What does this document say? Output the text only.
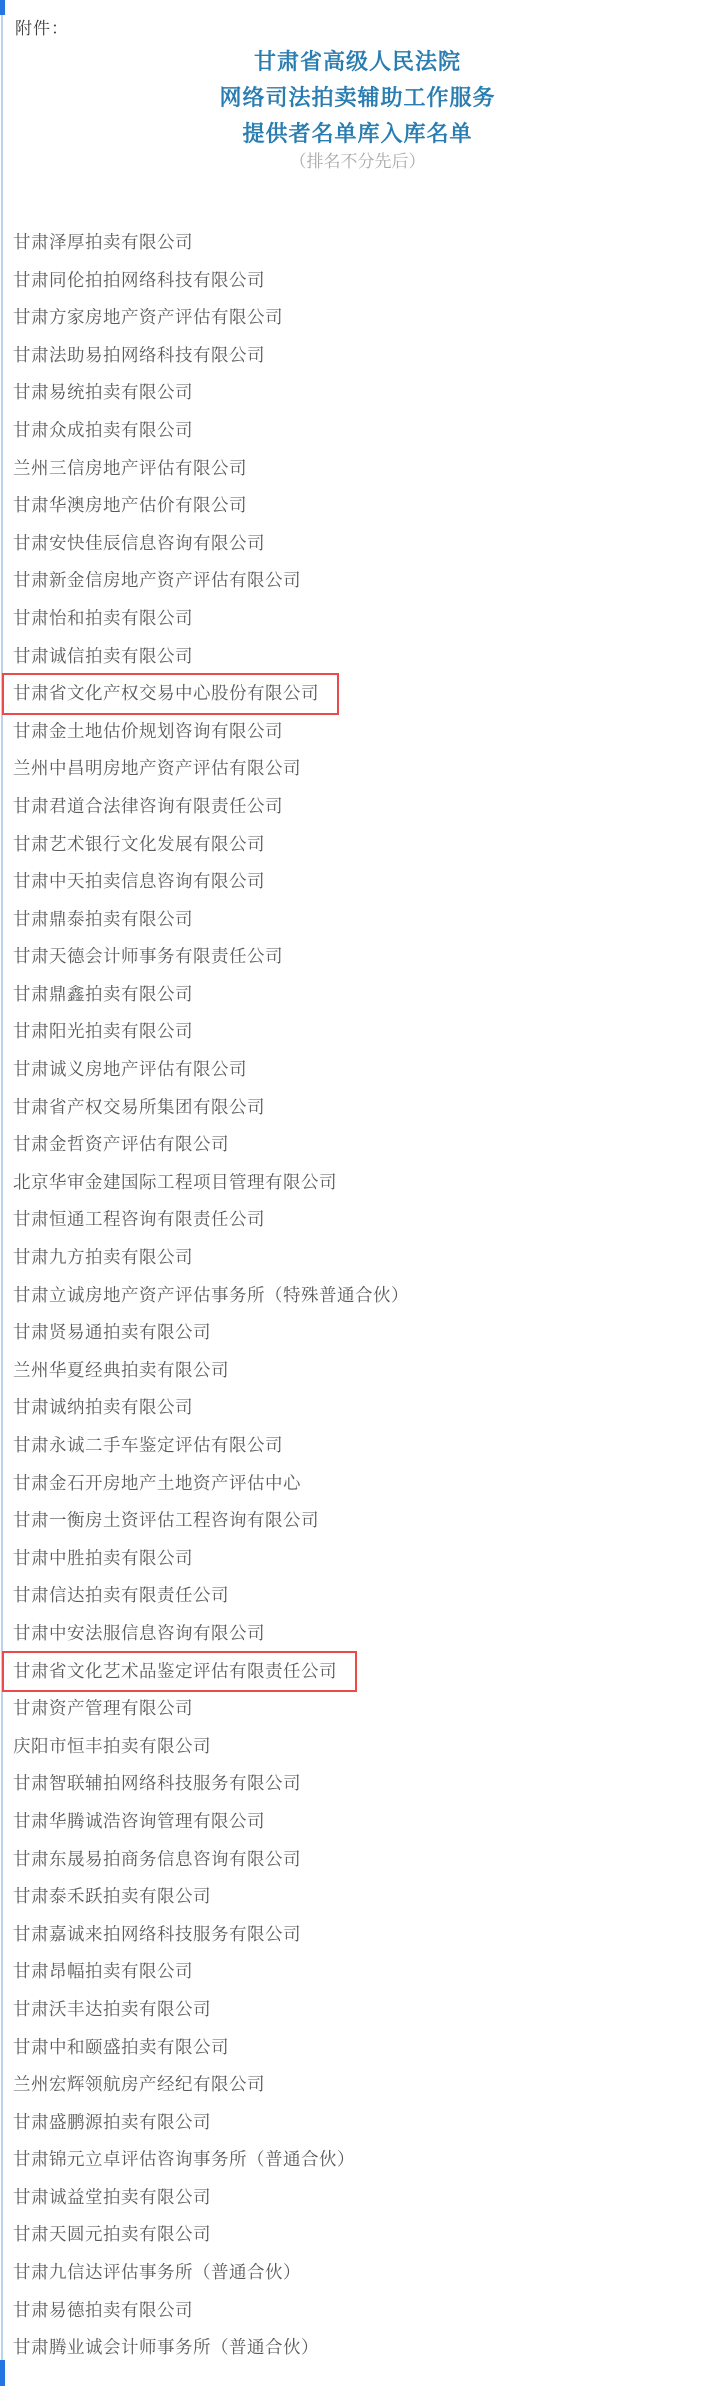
附件：
甘肃省高级人民法院
网络司法拍卖辅助工作服务
提供者名单库入库名单
（排名不分先后）
甘肃泽厚拍卖有限公司
甘肃同伦拍拍网络科技有限公司
甘肃方家房地产资产评估有限公司
甘肃法助易拍网络科技有限公司
甘肃易统拍卖有限公司
甘肃众成拍卖有限公司
兰州三信房地产评估有限公司
甘肃华澳房地产估价有限公司
甘肃安快佳辰信息咨询有限公司
甘肃新金信房地产资产评估有限公司
甘肃怡和拍卖有限公司
甘肃诚信拍卖有限公司
甘肃省文化产权交易中心股份有限公司
甘肃金土地估价规划咨询有限公司
兰州中昌明房地产资产评估有限公司
甘肃君道合法律咨询有限责任公司
甘肃艺术银行文化发展有限公司
甘肃中天拍卖信息咨询有限公司
甘肃鼎泰拍卖有限公司
甘肃天德会计师事务有限责任公司
甘肃鼎鑫拍卖有限公司
甘肃阳光拍卖有限公司
甘肃诚义房地产评估有限公司
甘肃省产权交易所集团有限公司
甘肃金哲资产评估有限公司
北京华审金建国际工程项目管理有限公司
甘肃恒通工程咨询有限责任公司
甘肃九方拍卖有限公司
甘肃立诚房地产资产评估事务所（特殊普通合伙）
甘肃贤易通拍卖有限公司
兰州华夏经典拍卖有限公司
甘肃诚纳拍卖有限公司
甘肃永诚二手车鉴定评估有限公司
甘肃金石开房地产土地资产评估中心
甘肃一衡房土资评估工程咨询有限公司
甘肃中胜拍卖有限公司
甘肃信达拍卖有限责任公司
甘肃中安法服信息咨询有限公司
甘肃省文化艺术品鉴定评估有限责任公司
甘肃资产管理有限公司
庆阳市恒丰拍卖有限公司
甘肃智联辅拍网络科技服务有限公司
甘肃华腾诚浩咨询管理有限公司
甘肃东晟易拍商务信息咨询有限公司
甘肃泰禾跃拍卖有限公司
甘肃嘉诚来拍网络科技服务有限公司
甘肃昂幅拍卖有限公司
甘肃沃丰达拍卖有限公司
甘肃中和颐盛拍卖有限公司
兰州宏辉领航房产经纪有限公司
甘肃盛鹏源拍卖有限公司
甘肃锦元立卓评估咨询事务所（普通合伙）
甘肃诚益堂拍卖有限公司
甘肃天圆元拍卖有限公司
甘肃九信达评估事务所（普通合伙）
甘肃易德拍卖有限公司
甘肃腾业诚会计师事务所（普通合伙）
